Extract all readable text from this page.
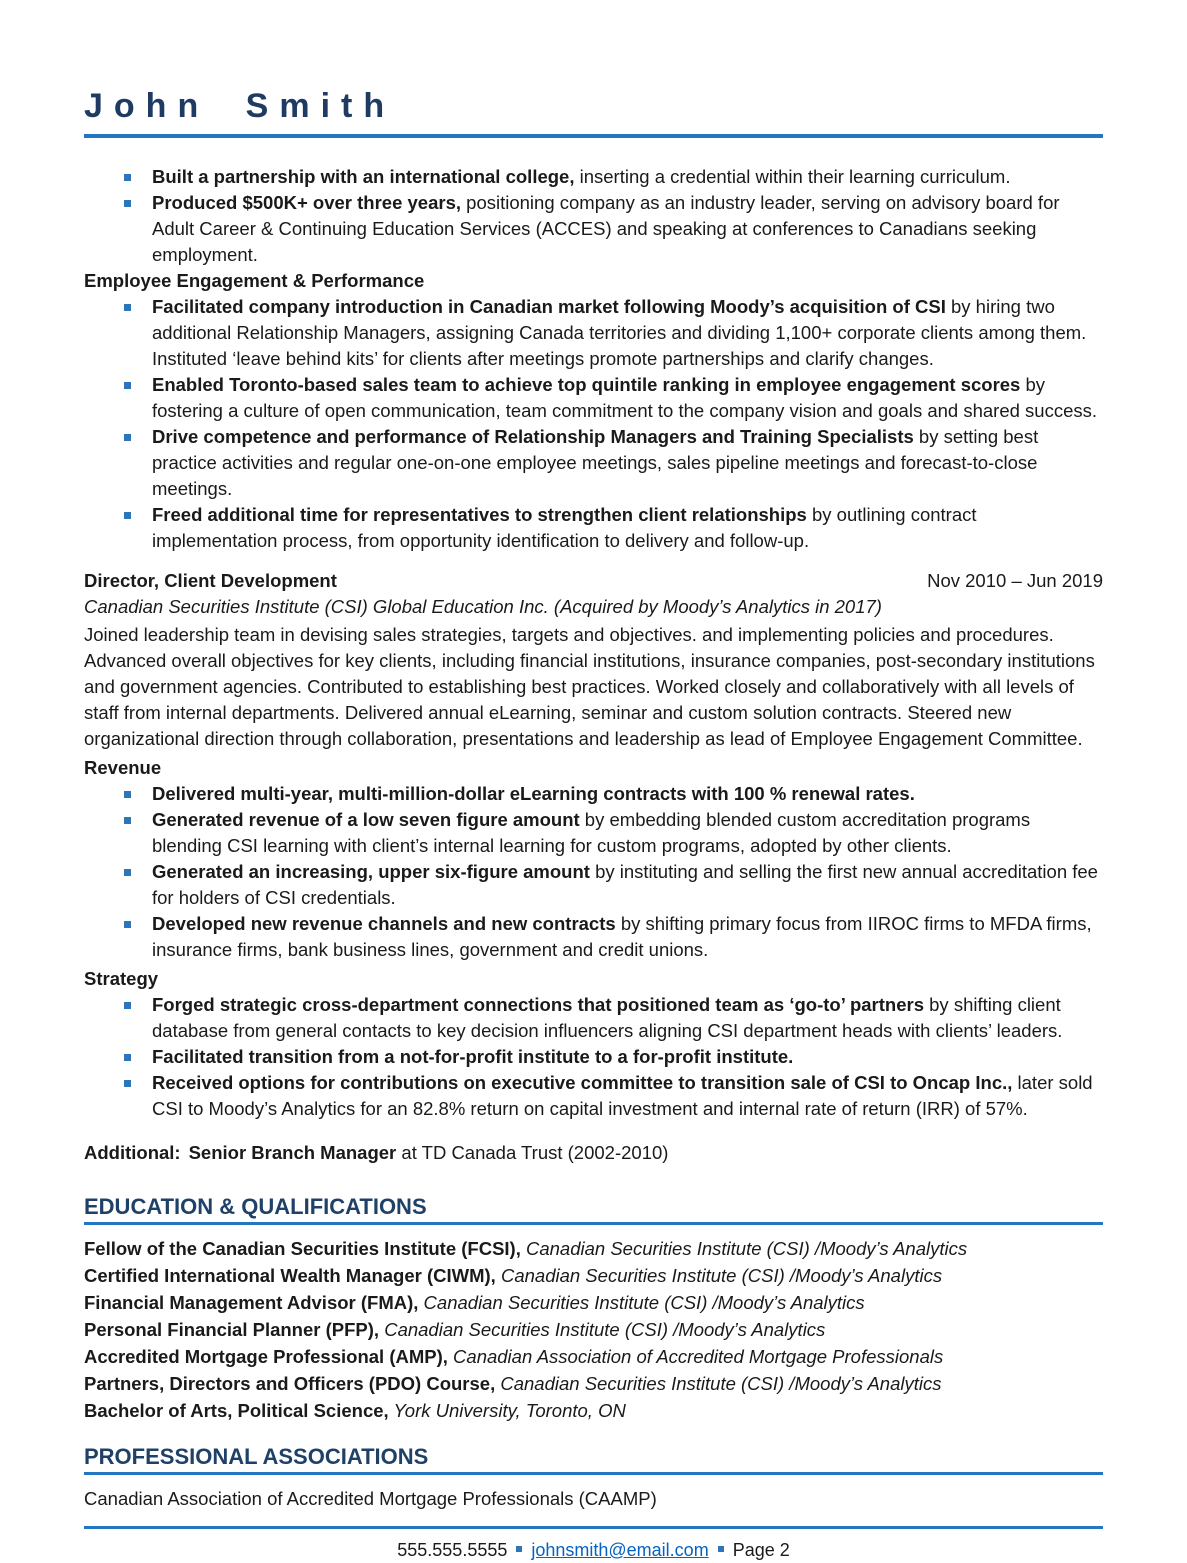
John Smith
Built a partnership with an international college, inserting a credential within their learning curriculum.
Produced $500K+ over three years, positioning company as an industry leader, serving on advisory board for Adult Career & Continuing Education Services (ACCES) and speaking at conferences to Canadians seeking employment.
Employee Engagement & Performance
Facilitated company introduction in Canadian market following Moody’s acquisition of CSI by hiring two additional Relationship Managers, assigning Canada territories and dividing 1,100+ corporate clients among them. Instituted ‘leave behind kits’ for clients after meetings promote partnerships and clarify changes.
Enabled Toronto-based sales team to achieve top quintile ranking in employee engagement scores by fostering a culture of open communication, team commitment to the company vision and goals and shared success.
Drive competence and performance of Relationship Managers and Training Specialists by setting best practice activities and regular one-on-one employee meetings, sales pipeline meetings and forecast-to-close meetings.
Freed additional time for representatives to strengthen client relationships by outlining contract implementation process, from opportunity identification to delivery and follow-up.
Director, Client Development	Nov 2010 – Jun 2019
Canadian Securities Institute (CSI) Global Education Inc. (Acquired by Moody’s Analytics in 2017)

Joined leadership team in devising sales strategies, targets and objectives. and implementing policies and procedures. Advanced overall objectives for key clients, including financial institutions, insurance companies, post-secondary institutions and government agencies. Contributed to establishing best practices. Worked closely and collaboratively with all levels of staff from internal departments. Delivered annual eLearning, seminar and custom solution contracts. Steered new organizational direction through collaboration, presentations and leadership as lead of Employee Engagement Committee.

Revenue
Delivered multi-year, multi-million-dollar eLearning contracts with 100 % renewal rates.
Generated revenue of a low seven figure amount by embedding blended custom accreditation programs blending CSI learning with client’s internal learning for custom programs, adopted by other clients.
Generated an increasing, upper six-figure amount by instituting and selling the first new annual accreditation fee for holders of CSI credentials.
Developed new revenue channels and new contracts by shifting primary focus from IIROC firms to MFDA firms, insurance firms, bank business lines, government and credit unions.
Strategy
Forged strategic cross-department connections that positioned team as ‘go-to’ partners by shifting client database from general contacts to key decision influencers aligning CSI department heads with clients’ leaders.
Facilitated transition from a not-for-profit institute to a for-profit institute.
Received options for contributions on executive committee to transition sale of CSI to Oncap Inc., later sold CSI to Moody’s Analytics for an 82.8% return on capital investment and internal rate of return (IRR) of 57%.

Additional: Senior Branch Manager at TD Canada Trust (2002-2010)

EDUCATION & QUALIFICATIONS
Fellow of the Canadian Securities Institute (FCSI), Canadian Securities Institute (CSI) /Moody’s Analytics
Certified International Wealth Manager (CIWM), Canadian Securities Institute (CSI) /Moody’s Analytics
Financial Management Advisor (FMA), Canadian Securities Institute (CSI) /Moody’s Analytics
Personal Financial Planner (PFP), Canadian Securities Institute (CSI) /Moody’s Analytics
Accredited Mortgage Professional (AMP), Canadian Association of Accredited Mortgage Professionals
Partners, Directors and Officers (PDO) Course, Canadian Securities Institute (CSI) /Moody’s Analytics
Bachelor of Arts, Political Science, York University, Toronto, ON
PROFESSIONAL ASSOCIATIONS
Canadian Association of Accredited Mortgage Professionals (CAAMP)
555.555.5555 johnsmith@email.com Page 2
